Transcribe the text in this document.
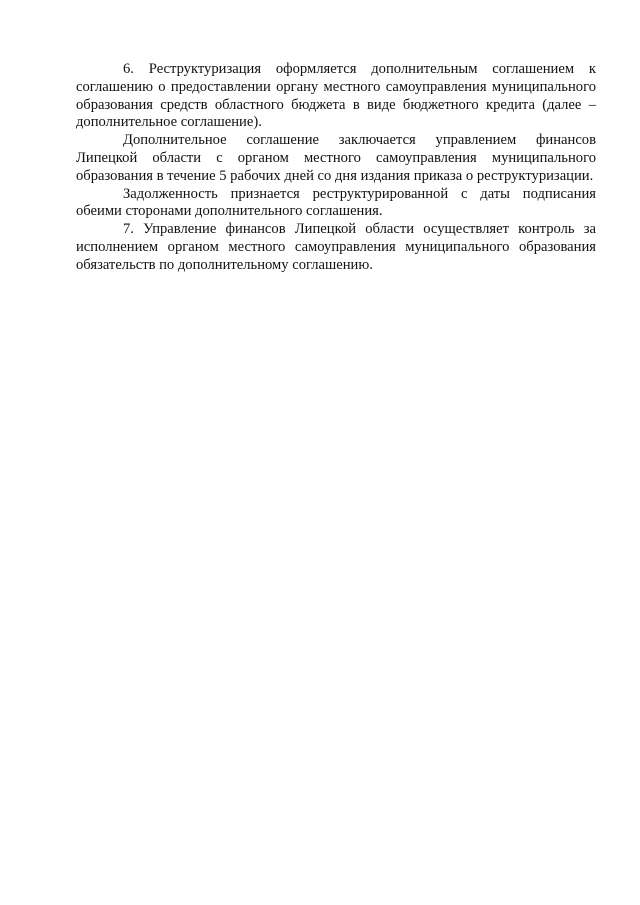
6. Реструктуризация оформляется дополнительным соглашением к соглашению о предоставлении органу местного самоуправления муниципального образования средств областного бюджета в виде бюджетного кредита (далее – дополнительное соглашение).

Дополнительное соглашение заключается управлением финансов Липецкой области с органом местного самоуправления муниципального образования в течение 5 рабочих дней со дня издания приказа о реструктуризации.

Задолженность признается реструктурированной с даты подписания обеими сторонами дополнительного соглашения.

7. Управление финансов Липецкой области осуществляет контроль за исполнением органом местного самоуправления муниципального образования обязательств по дополнительному соглашению.
